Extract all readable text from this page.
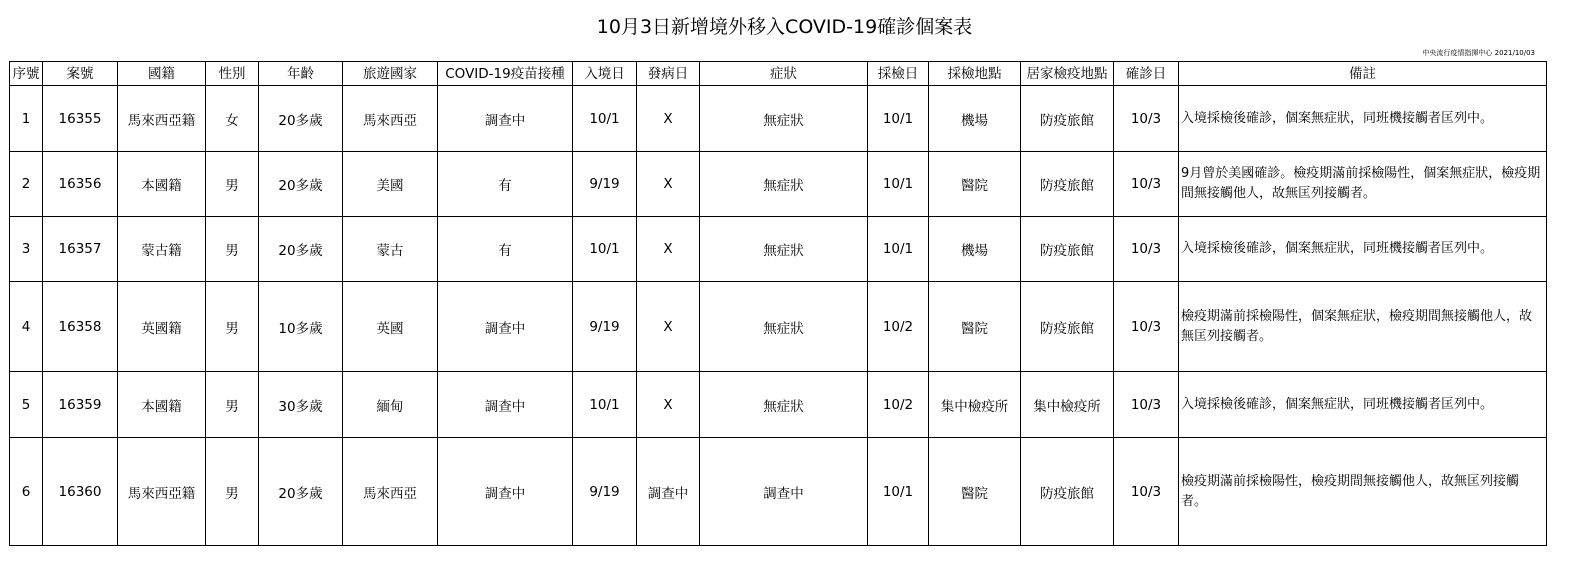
10月3日新增境外移入COVID-19確診個案表
中央流行疫情指揮中心 2021/10/03
序號	案號	國籍	性別	年齡	旅遊國家	COVID-19疫苗接種	入境日	發病日	症狀	採檢日	採檢地點	居家檢疫地點	確診日	備註
1	16355	馬來西亞籍	女	20多歲	馬來西亞	調查中	10/1	X	無症狀	10/1	機場	防疫旅館	10/3	入境採檢後確診，個案無症狀，同班機接觸者匡列中。
2	16356	本國籍	男	20多歲	美國	有	9/19	X	無症狀	10/1	醫院	防疫旅館	10/3	9月曾於美國確診。檢疫期滿前採檢陽性，個案無症狀，檢疫期間無接觸他人，故無匡列接觸者。
3	16357	蒙古籍	男	20多歲	蒙古	有	10/1	X	無症狀	10/1	機場	防疫旅館	10/3	入境採檢後確診，個案無症狀，同班機接觸者匡列中。
4	16358	英國籍	男	10多歲	英國	調查中	9/19	X	無症狀	10/2	醫院	防疫旅館	10/3	檢疫期滿前採檢陽性，個案無症狀，檢疫期間無接觸他人，故無匡列接觸者。
5	16359	本國籍	男	30多歲	緬甸	調查中	10/1	X	無症狀	10/2	集中檢疫所	集中檢疫所	10/3	入境採檢後確診，個案無症狀，同班機接觸者匡列中。
6	16360	馬來西亞籍	男	20多歲	馬來西亞	調查中	9/19	調查中	調查中	10/1	醫院	防疫旅館	10/3	檢疫期滿前採檢陽性，檢疫期間無接觸他人，故無匡列接觸者。
